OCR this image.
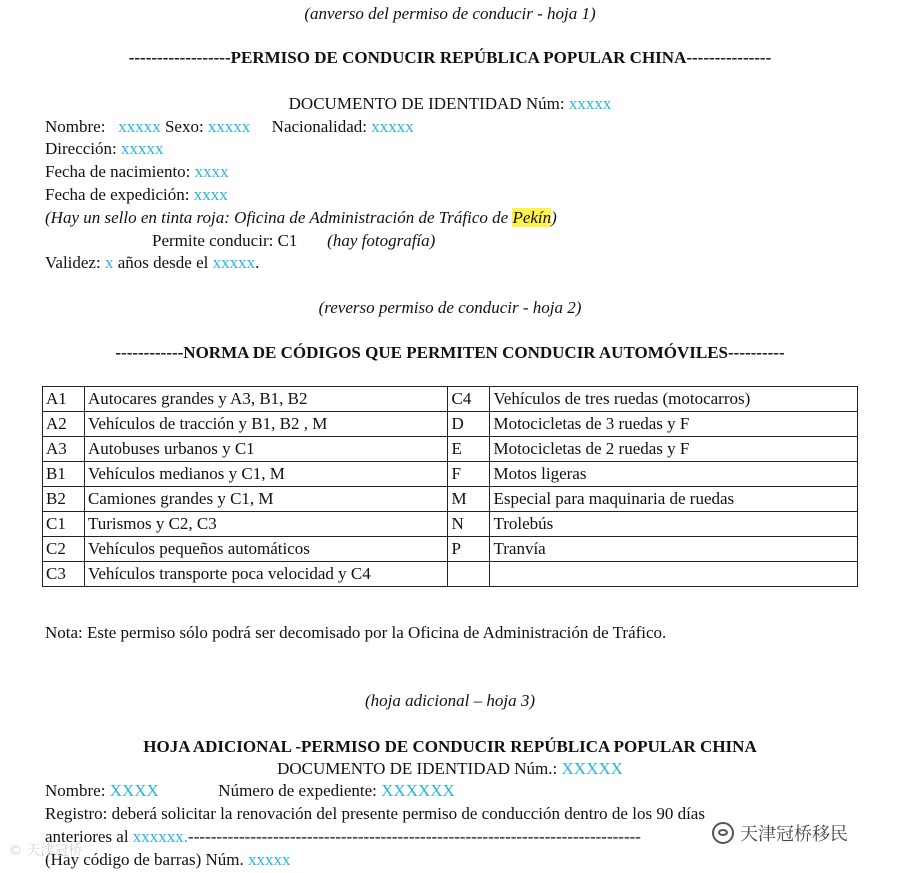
(anverso del permiso de conducir - hoja 1)
------------------PERMISO DE CONDUCIR REPÚBLICA POPULAR CHINA---------------
DOCUMENTO DE IDENTIDAD Núm: xxxxx
Nombre: xxxxx Sexo: xxxxx Nacionalidad: xxxxx
Dirección: xxxxx
Fecha de nacimiento: xxxx
Fecha de expedición: xxxx
(Hay un sello en tinta roja: Oficina de Administración de Tráfico de Pekín)
Permite conducir: C1 (hay fotografía)
Validez: x años desde el xxxxx.
(reverso permiso de conducir - hoja 2)
------------NORMA DE CÓDIGOS QUE PERMITEN CONDUCIR AUTOMÓVILES----------
A1	Autocares grandes y A3, B1, B2	C4	Vehículos de tres ruedas (motocarros)
A2	Vehículos de tracción y B1, B2 , M	D	Motocicletas de 3 ruedas y F
A3	Autobuses urbanos y C1	E	Motocicletas de 2 ruedas y F
B1	Vehículos medianos y C1, M	F	Motos ligeras
B2	Camiones grandes y C1, M	M	Especial para maquinaria de ruedas
C1	Turismos y C2, C3	N	Trolebús
C2	Vehículos pequeños automáticos	P	Tranvía
C3	Vehículos transporte poca velocidad y C4		
Nota: Este permiso sólo podrá ser decomisado por la Oficina de Administración de Tráfico.
(hoja adicional – hoja 3)
HOJA ADICIONAL -PERMISO DE CONDUCIR REPÚBLICA POPULAR CHINA
DOCUMENTO DE IDENTIDAD Núm.: XXXXX
Nombre: XXXX	Número de expediente: XXXXXX
Registro: deberá solicitar la renovación del presente permiso de conducción dentro de los 90 días
anteriores al xxxxxx.--------------------------------------------------------------------------------
(Hay código de barras) Núm. xxxxx
天津冠桥移民
© 天津冠桥
